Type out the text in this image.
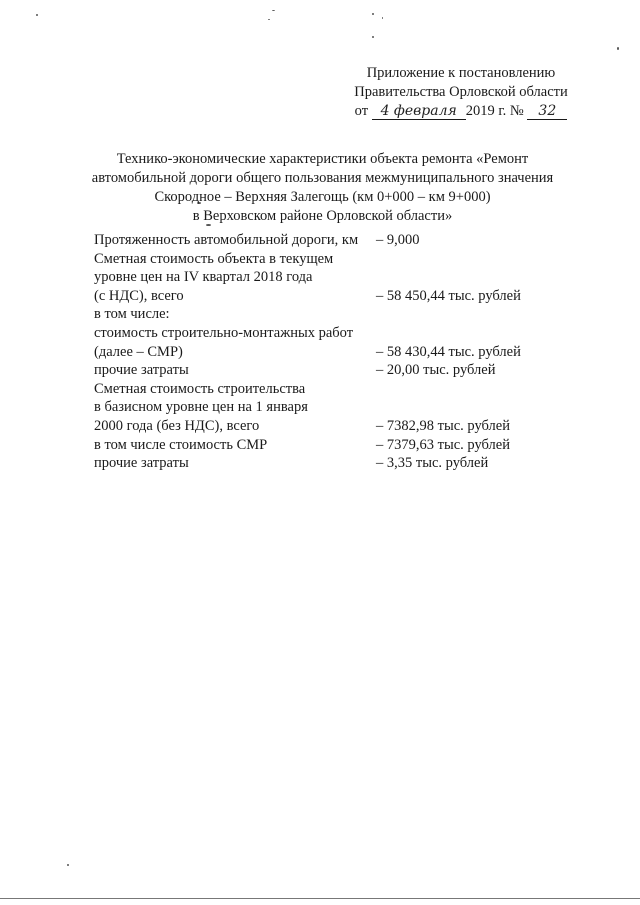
Приложение к постановлению
Правительства Орловской области
от 4 февраля 2019 г. № 32
Технико-экономические характеристики объекта ремонта «Ремонт
автомобильной дороги общего пользования межмуниципального значения
Скородное – Верхняя Залегощь (км 0+000 – км 9+000)
в Верховском районе Орловской области»
Протяженность автомобильной дороги, км – 9,000
Сметная стоимость объекта в текущем
уровне цен на IV квартал 2018 года
(с НДС), всего	– 58 450,44 тыс. рублей
в том числе:
стоимость строительно-монтажных работ
(далее – СМР)	– 58 430,44 тыс. рублей
прочие затраты	– 20,00 тыс. рублей
Сметная стоимость строительства
в базисном уровне цен на 1 января
2000 года (без НДС), всего	– 7382,98 тыс. рублей
в том числе стоимость СМР	– 7379,63 тыс. рублей
прочие затраты	– 3,35 тыс. рублей
